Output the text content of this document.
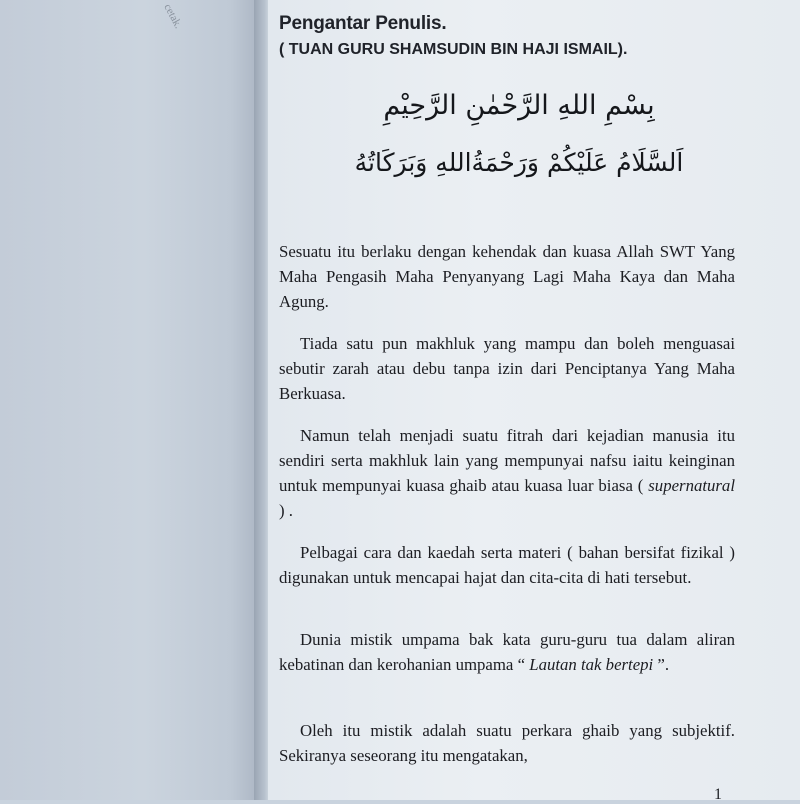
cetak.	Pengantar Penulis.
( TUAN GURU SHAMSUDIN BIN HAJI ISMAIL).
بِسْمِ اللهِ الرَّحْمٰنِ الرَّحِيْمِ
اَلسَّلَامُ عَلَيْكُمْ وَرَحْمَةُاللهِ وَبَرَكَاتُهُ

Sesuatu itu berlaku dengan kehendak dan kuasa Allah SWT Yang Maha Pengasih Maha Penyanyang Lagi Maha Kaya dan Maha Agung.

Tiada satu pun makhluk yang mampu dan boleh menguasai sebutir zarah atau debu tanpa izin dari Penciptanya Yang Maha Berkuasa.

Namun telah menjadi suatu fitrah dari kejadian manusia itu sendiri serta makhluk lain yang mempunyai nafsu iaitu keinginan untuk mempunyai kuasa ghaib atau kuasa luar biasa ( supernatural ) .

Pelbagai cara dan kaedah serta materi ( bahan bersifat fizikal ) digunakan untuk mencapai hajat dan cita-cita di hati tersebut.

Dunia mistik umpama bak kata guru-guru tua dalam aliran kebatinan dan kerohanian umpama “ Lautan tak bertepi ”.

Oleh itu mistik adalah suatu perkara ghaib yang subjektif. Sekiranya seseorang itu mengatakan,

1
